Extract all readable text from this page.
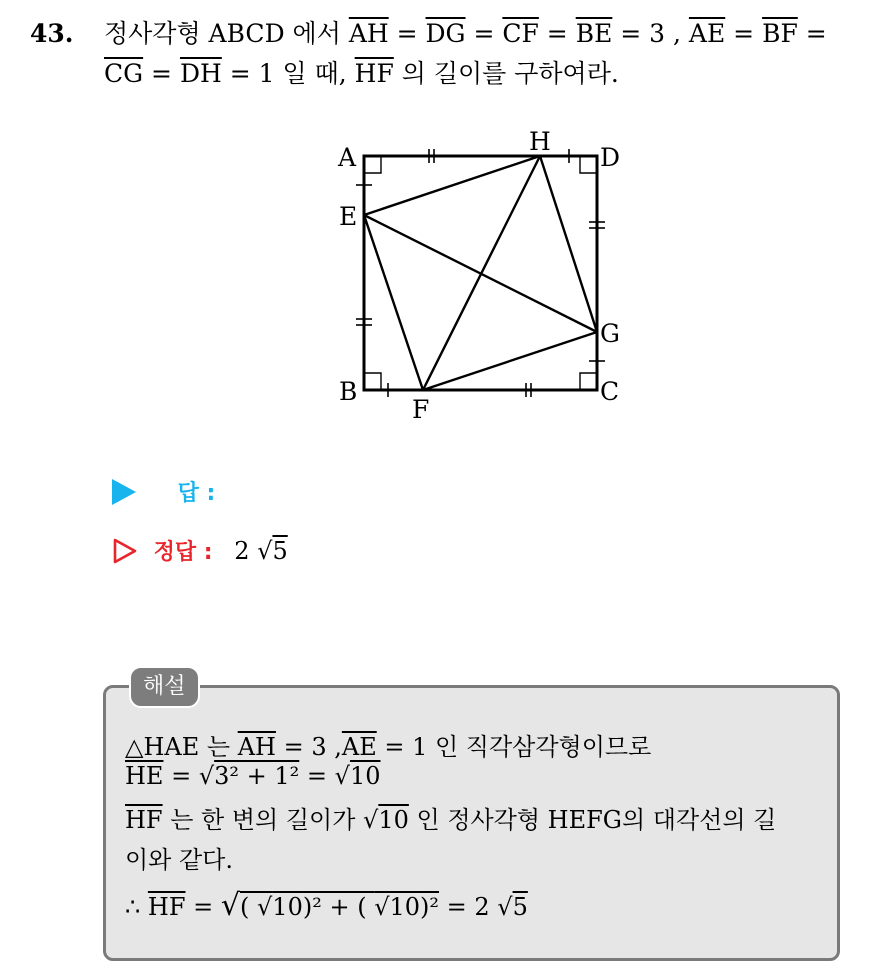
43. 정사각형 ABCD 에서 $\overline{AH} = \overline{DG} = \overline{CF} = \overline{BE} = 3$ , $\overline{AE} = \overline{BF}$ =
$\overline{CG} = \overline{DH} = 1$ 일 때, $\overline{HF}$ 의 길이를 구하여라.
A
H
D
E
G
B	C
F
답 :
정답 : 2 √5
해설
△HAE 는 $\overline{AH} = 3$ $,\overline{AE} = 1$ 인 직각삼각형이므로
$\overline{HE} = √3^2 + 1^2 = √10$
$\overline{HF}$ 는 한 변의 길이가 √10 인 정사각형 HEFG의 대각선의 길
이와 같다.
∴ $\overline{HF}$ = √( √10)² + ( √10)² = 2 √5
